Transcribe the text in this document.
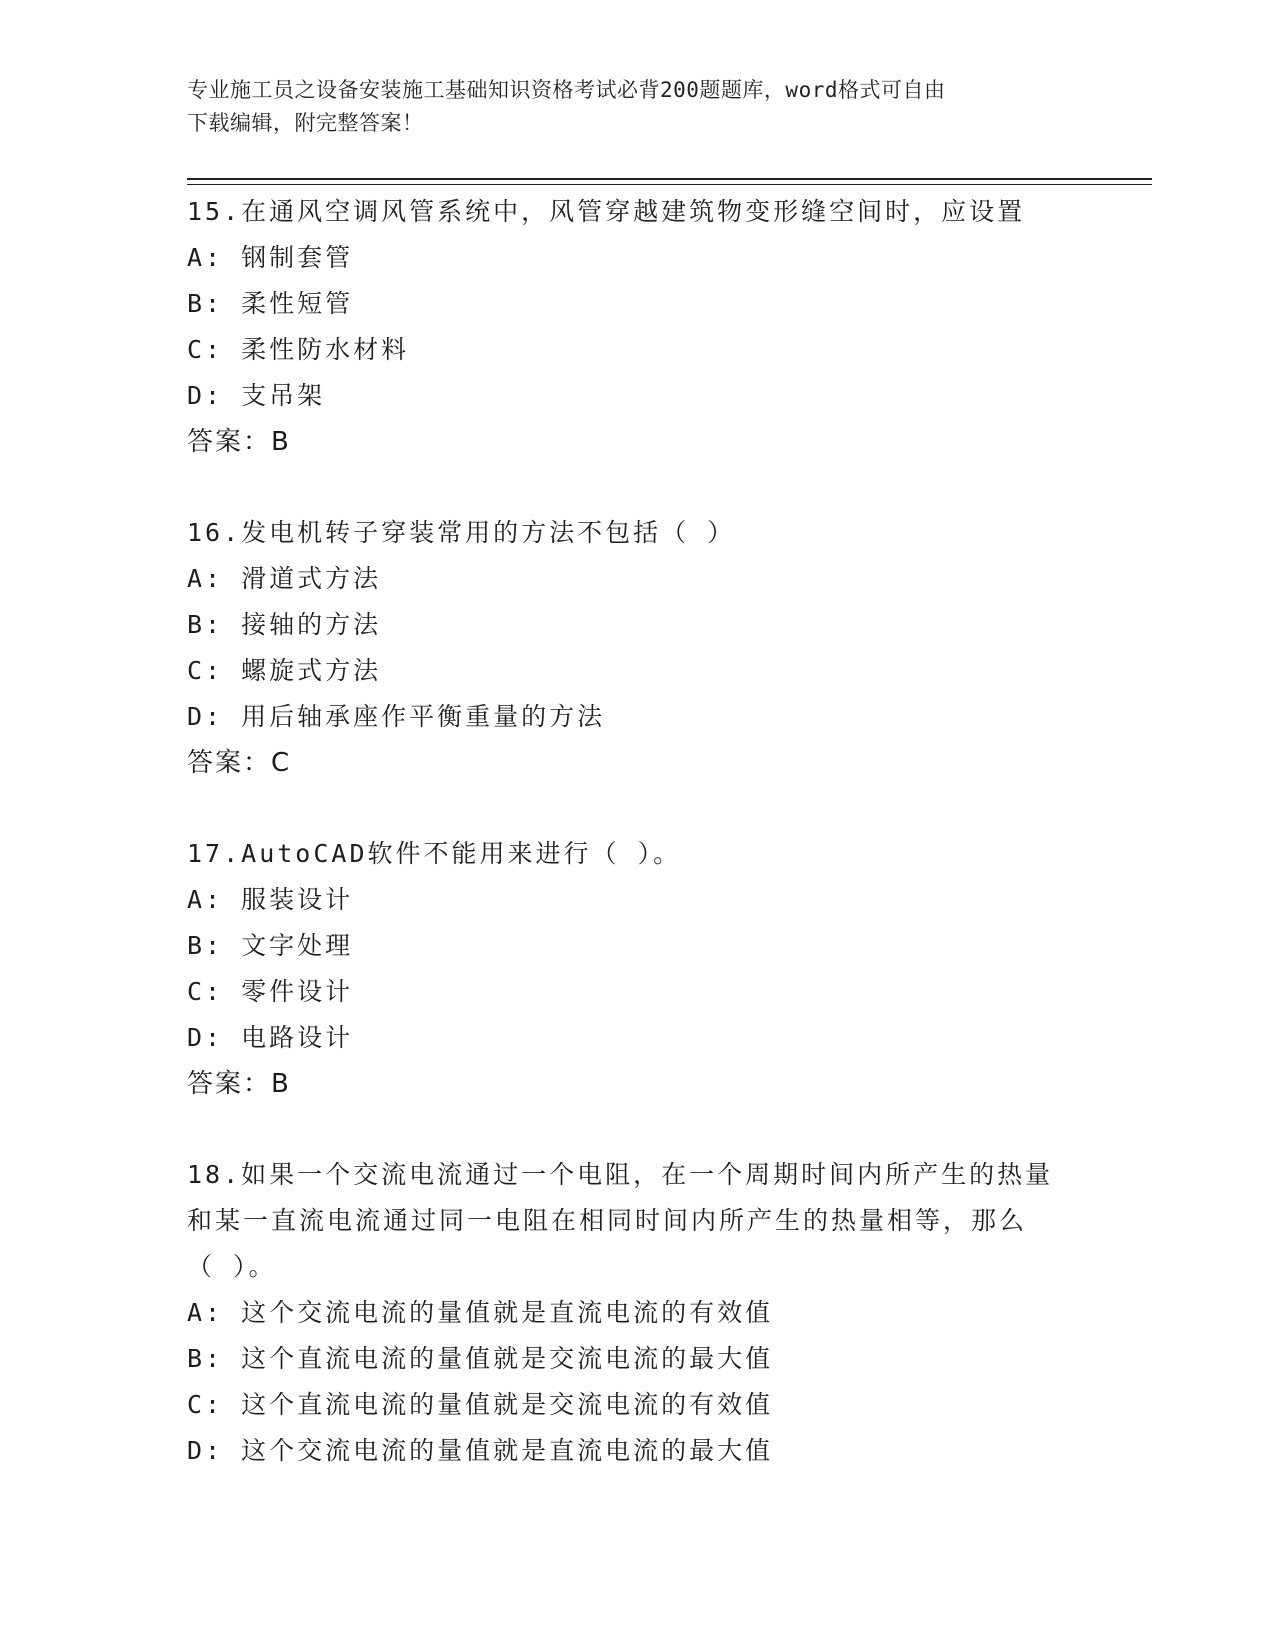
专业施工员之设备安装施工基础知识资格考试必背200题题库，word格式可自由
下载编辑，附完整答案！

15.在通风空调风管系统中，风管穿越建筑物变形缝空间时，应设置

A: 钢制套管

B: 柔性短管

C: 柔性防水材料

D: 支吊架

答案：B

16.发电机转子穿装常用的方法不包括（ ）

A: 滑道式方法

B: 接轴的方法

C: 螺旋式方法

D: 用后轴承座作平衡重量的方法

答案：C

17.AutoCAD软件不能用来进行（ ）。

A: 服装设计

B: 文字处理

C: 零件设计

D: 电路设计

答案：B

18.如果一个交流电流通过一个电阻，在一个周期时间内所产生的热量

和某一直流电流通过同一电阻在相同时间内所产生的热量相等，那么

（ ）。

A: 这个交流电流的量值就是直流电流的有效值

B: 这个直流电流的量值就是交流电流的最大值

C: 这个直流电流的量值就是交流电流的有效值

D: 这个交流电流的量值就是直流电流的最大值
